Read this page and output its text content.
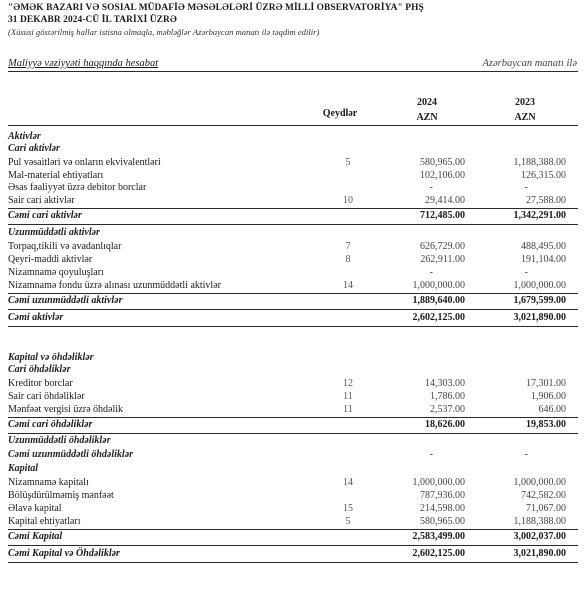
"ƏMƏK BAZARI VƏ SOSIAL MÜDAFİƏ MƏSƏLƏLƏRİ ÜZRƏ MİLLİ OBSERVATORİYA" PHŞ
31 DEKABR 2024-CÜ İL TARİXİ ÜZRƏ
(Xüsusi göstərilmiş hallar istisna olmaqla, məbləğlər Azərbaycan manatı ilə təqdim edilir)
Maliyyə vəziyyəti haqqında hesabat	Azərbaycan manatı ilə
Qeydlər
2024	2023
AZN	AZN
Aktivlər
Cari aktivlər
Pul vəsaitləri və onların ekvivalentləri	5	580,965.00	1,188,388.00
Mal-material ehtiyatları	102,106.00	126,315.00
Əsas fəaliyyət üzrə debitor borclar	-	-
Sair cari aktivlər	10	29,414.00	27,588.00
Cəmi cari aktivlər	712,485.00	1,342,291.00
Uzunmüddətli aktivlər
Torpaq,tikili və avadanlıqlar	7	626,729.00	488,495.00
Qeyri-maddi aktivlər	8	262,911.00	191,104.00
Nizamnamə qoyuluşları	-	-
Nizamnamə fondu üzrə alınası uzunmüddətli aktivlər	14	1,000,000.00	1,000,000.00
Cəmi uzunmüddətli aktivlər	1,889,640.00	1,679,599.00
Cəmi aktivlər	2,602,125.00	3,021,890.00
Kapital və öhdəliklər
Cari öhdəliklər
Kreditor borclar	12	14,303.00	17,301.00
Sair cari öhdəliklər	11	1,786.00	1,906.00
Mənfəət vergisi üzrə öhdəlik	11	2,537.00	646.00
Cəmi cari öhdəliklər	18,626.00	19,853.00
Uzunmüddətli öhdəliklər
Cəmi uzunmüddətli öhdəliklər	-	-
Kapital
Nizamnamə kapitalı	14	1,000,000.00	1,000,000.00
Bölüşdürülməmiş mənfəət	787,936.00	742,582.00
Əlavə kapital	15	214,598.00	71,067.00
Kapital ehtiyatları	5	580,965.00	1,188,388.00
Cəmi Kapital	2,583,499.00	3,002,037.00
Cəmi Kapital və Öhdəliklər	2,602,125.00	3,021,890.00
